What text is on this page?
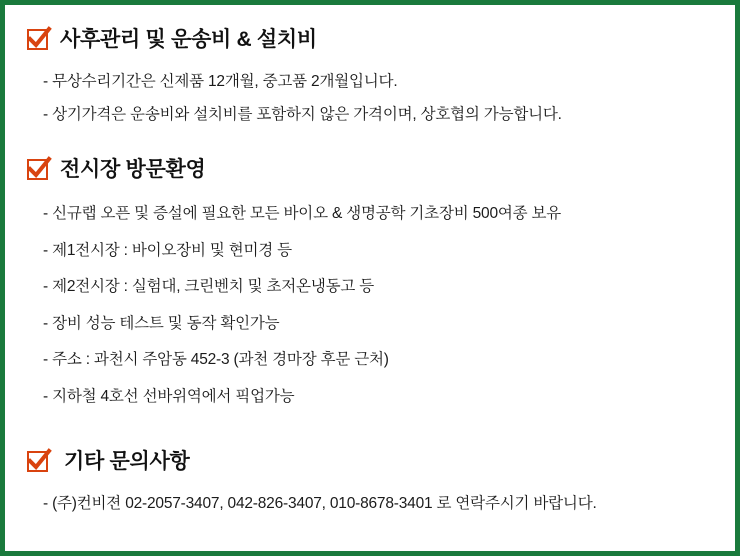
사후관리 및 운송비 & 설치비
- 무상수리기간은 신제품 12개월, 중고품 2개월입니다.
- 상기가격은 운송비와 설치비를 포함하지 않은 가격이며, 상호협의 가능합니다.
전시장 방문환영
- 신규랩 오픈 및 증설에 필요한 모든 바이오 & 생명공학 기초장비 500여종 보유
- 제1전시장 : 바이오장비 및 현미경 등
- 제2전시장 : 실험대, 크린벤치 및 초저온냉동고 등
- 장비 성능 테스트 및 동작 확인가능
- 주소 : 과천시 주암동 452-3 (과천 경마장 후문 근처)
- 지하철 4호선 선바위역에서 픽업가능
기타 문의사항
- (주)컨비젼 02-2057-3407, 042-826-3407, 010-8678-3401 로 연락주시기 바랍니다.
